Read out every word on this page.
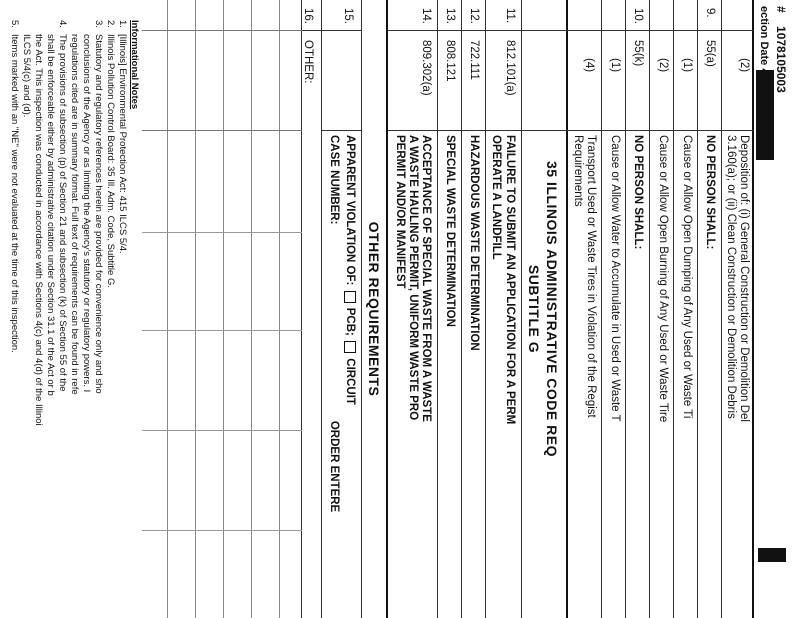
#    1078105003
ection Date
(2)
Deposition of: (i) General Construction or Demolition Del
3.160(a); or (ii) Clean Construction or Demolition Debris
9.
55(a)
NO PERSON SHALL:
(1)
Cause or Allow Open Dumping of Any Used or Waste Ti
(2)
Cause or Allow Open Burning of Any Used or Waste Tire
10.
55(k)
NO PERSON SHALL:
(1)
Cause or Allow Water to Accumulate in Used or Waste T
(4)
Transport Used or Waste Tires in Violation of the Regist
Requirements
35 ILLINOIS ADMINISTRATIVE CODE REQ
SUBTITLE G
11.
812.101(a)
FAILURE TO SUBMIT AN APPLICATION FOR A PERM
OPERATE A LANDFILL
12.
722.111
HAZARDOUS WASTE DETERMINATION
13.
808.121
SPECIAL WASTE DETERMINATION
14.
809.302(a)
ACCEPTANCE OF SPECIAL WASTE FROM A WASTE
A WASTE HAULING PERMIT, UNIFORM WASTE PRO
PERMIT AND/OR MANIFEST
OTHER REQUIREMENTS
15.
APPARENT VIOLATION OF:  PCB;  CIRCUIT
CASE NUMBER:  ORDER ENTERE
16.
OTHER:
Informational Notes
1.[Illinois] Environmental Protection Act: 415 ILCS 5/4.
2.Illinois Pollution Control Board: 35 Ill. Adm. Code, Subtitle G.
3.Statutory and regulatory references herein are provided for convenience only and sho
conclusions of the Agency or as limiting the Agency's statutory or regulatory powers. I
regulations cited are in summary format. Full text of requirements can be found in refe
4.The provisions of subsection (p) of Section 21 and subsection (k) of Section 55 of the
shall be enforceable either by administrative citation under Section 31.1 of the Act or b
the Act. This inspection was conducted in accordance with Sections 4(c) and 4(d) of the Illinoi
ILCS 5/4(c) and (d).
5.Items marked with an "NE" were not evaluated at the time of this inspection.
